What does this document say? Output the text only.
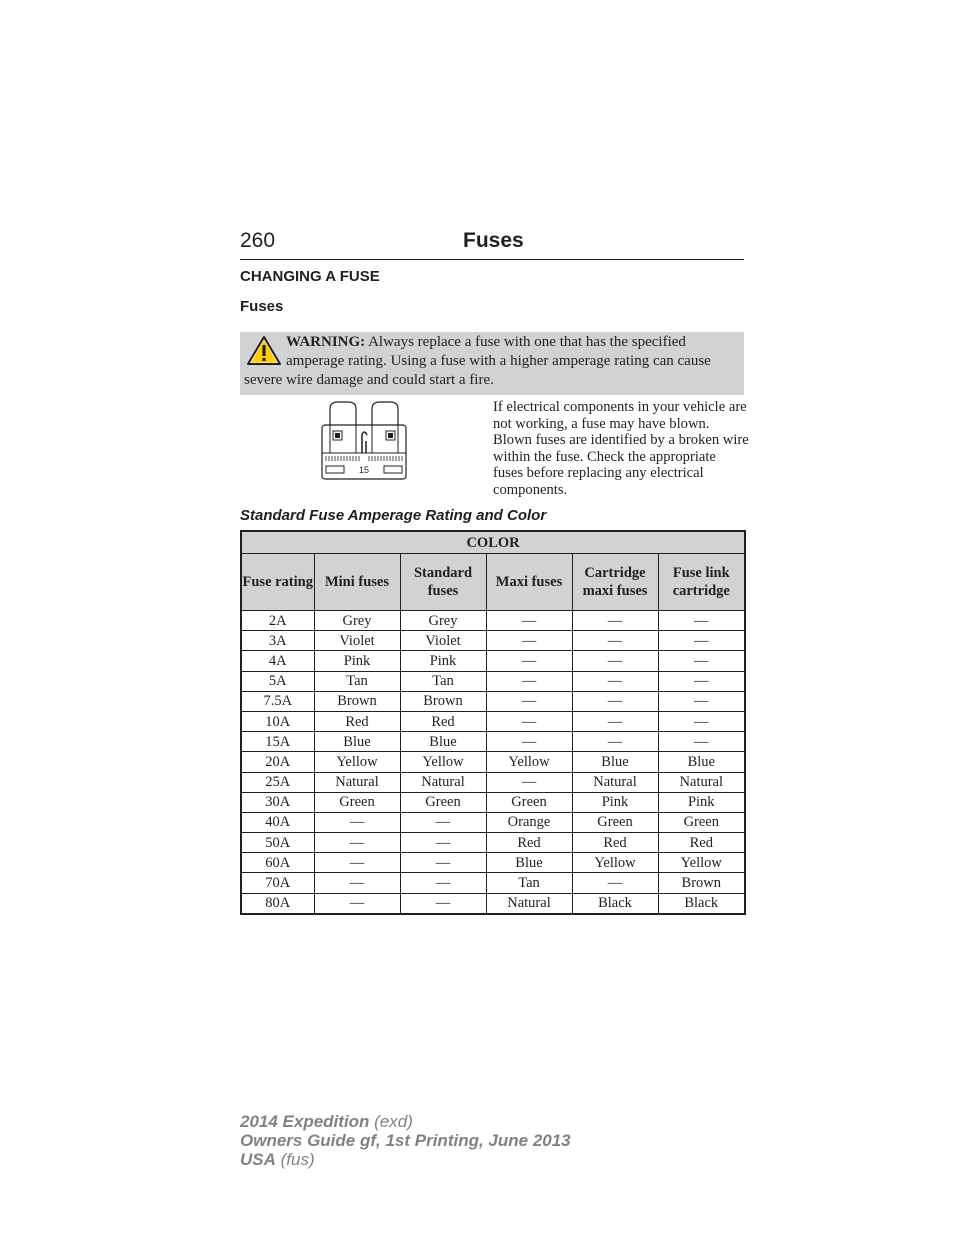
260	Fuses
CHANGING A FUSE
Fuses
WARNING: Always replace a fuse with one that has the specified amperage rating. Using a fuse with a higher amperage rating can cause severe wire damage and could start a fire.
15
If electrical components in your vehicle are not working, a fuse may have blown. Blown fuses are identified by a broken wire within the fuse. Check the appropriate fuses before replacing any electrical components.
Standard Fuse Amperage Rating and Color
COLOR					
Fuse rating	Mini fuses	Standard fuses	Maxi fuses	Cartridge maxi fuses	Fuse link cartridge
2A	Grey	Grey	—	—	—
3A	Violet	Violet	—	—	—
4A	Pink	Pink	—	—	—
5A	Tan	Tan	—	—	—
7.5A	Brown	Brown	—	—	—
10A	Red	Red	—	—	—
15A	Blue	Blue	—	—	—
20A	Yellow	Yellow	Yellow	Blue	Blue
25A	Natural	Natural	—	Natural	Natural
30A	Green	Green	Green	Pink	Pink
40A	—	—	Orange	Green	Green
50A	—	—	Red	Red	Red
60A	—	—	Blue	Yellow	Yellow
70A	—	—	Tan	—	Brown
80A	—	—	Natural	Black	Black
2014 Expedition (exd)
Owners Guide gf, 1st Printing, June 2013
USA (fus)
